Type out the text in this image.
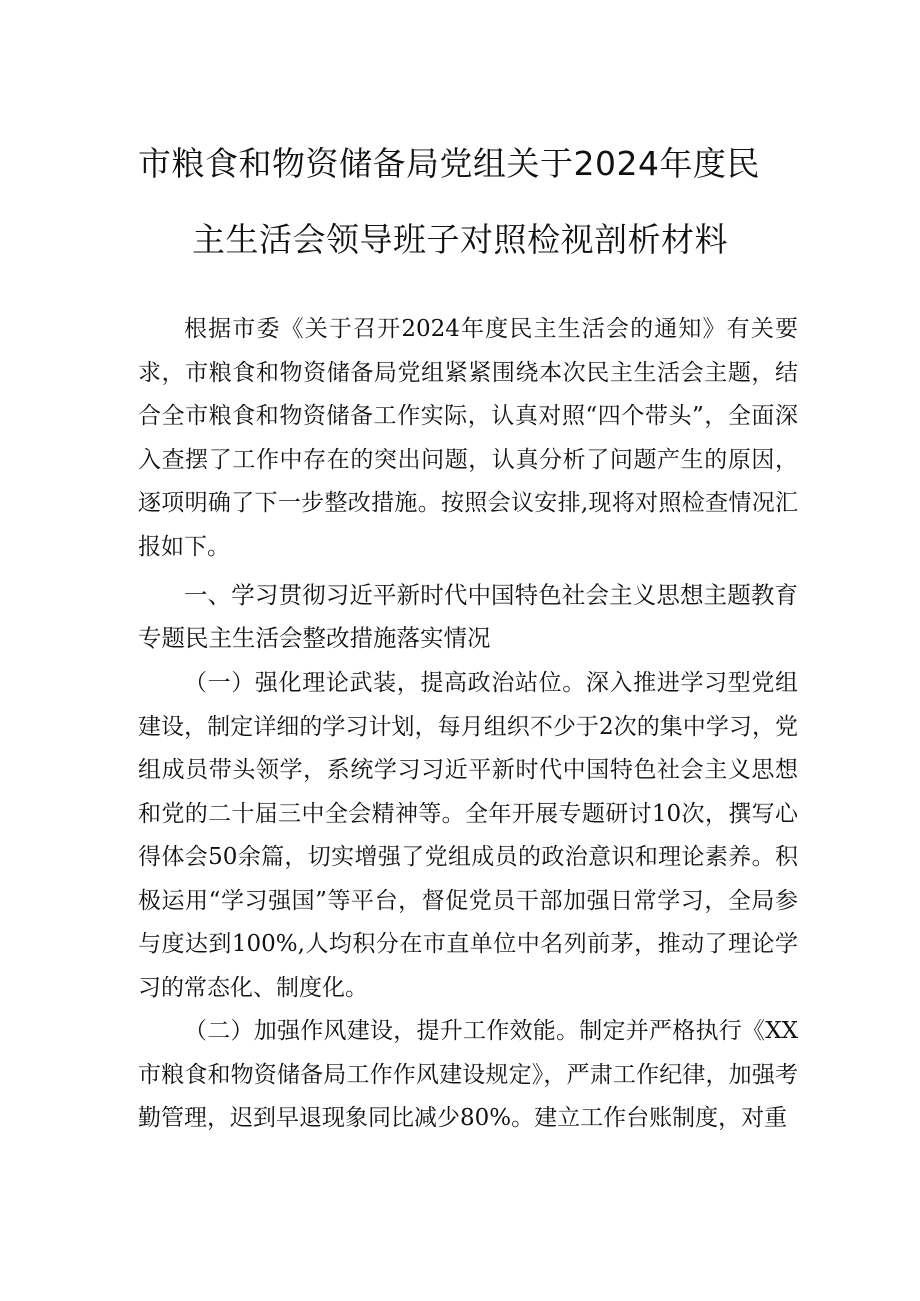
市粮食和物资储备局党组关于2024年度民
主生活会领导班子对照检视剖析材料

根据市委《关于召开2024年度民主生活会的通知》有关要求，市粮食和物资储备局党组紧紧围绕本次民主生活会主题，结合全市粮食和物资储备工作实际，认真对照“四个带头”，全面深入查摆了工作中存在的突出问题，认真分析了问题产生的原因，逐项明确了下一步整改措施。按照会议安排,现将对照检查情况汇报如下。

一、学习贯彻习近平新时代中国特色社会主义思想主题教育专题民主生活会整改措施落实情况

（一）强化理论武装，提高政治站位。深入推进学习型党组建设，制定详细的学习计划，每月组织不少于2次的集中学习，党组成员带头领学，系统学习习近平新时代中国特色社会主义思想和党的二十届三中全会精神等。全年开展专题研讨10次，撰写心得体会50余篇，切实增强了党组成员的政治意识和理论素养。积极运用“学习强国”等平台，督促党员干部加强日常学习，全局参与度达到100%,人均积分在市直单位中名列前茅，推动了理论学习的常态化、制度化。

（二）加强作风建设，提升工作效能。制定并严格执行《XX市粮食和物资储备局工作作风建设规定》，严肃工作纪律，加强考勤管理，迟到早退现象同比减少80%。建立工作台账制度，对重
